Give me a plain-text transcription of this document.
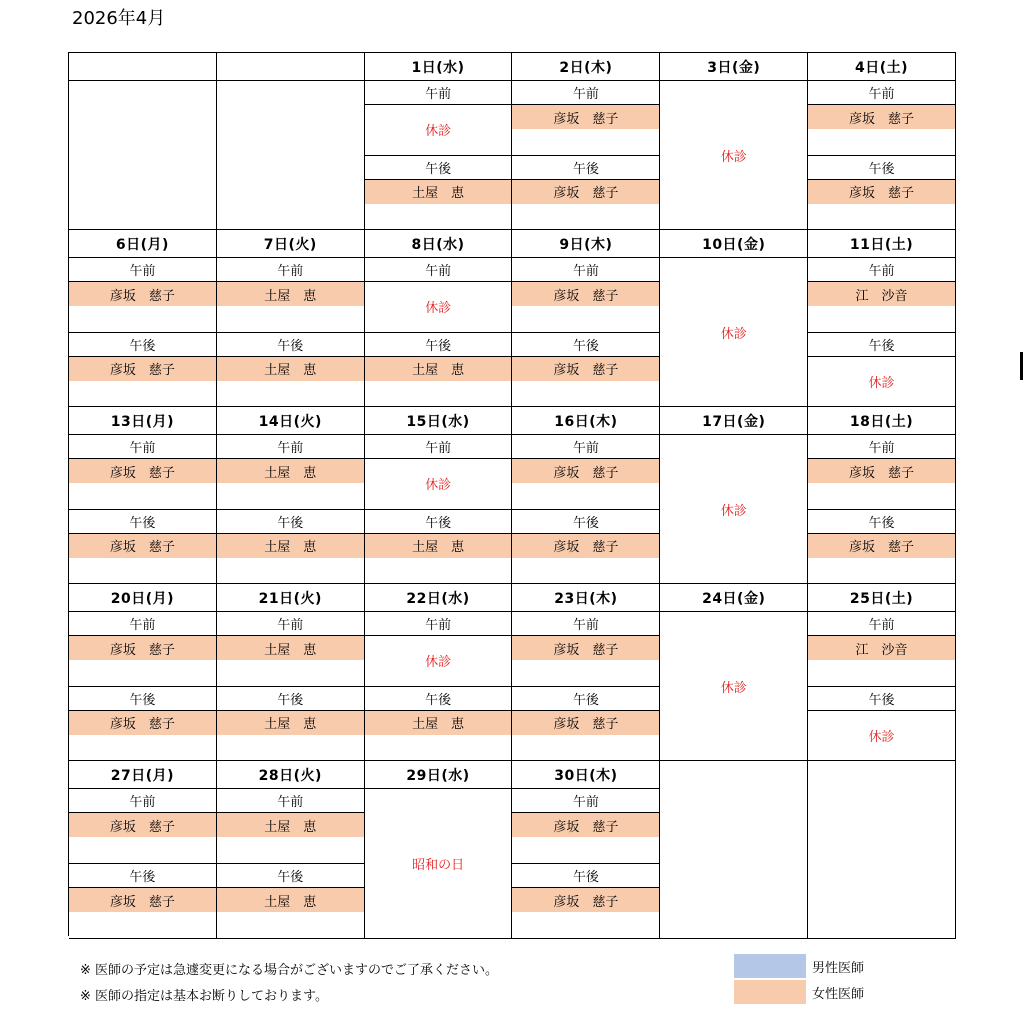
2026年4月
1日(水)
午前
休診
午後
土屋　恵
2日(木)
午前
彦坂　慈子
午後
彦坂　慈子
3日(金)
休診
4日(土)
午前
彦坂　慈子
午後
彦坂　慈子
6日(月)
午前
彦坂　慈子
午後
彦坂　慈子
7日(火)
午前
土屋　恵
午後
土屋　恵
8日(水)
午前
休診
午後
土屋　恵
9日(木)
午前
彦坂　慈子
午後
彦坂　慈子
10日(金)
休診
11日(土)
午前
江　沙音
午後
休診
13日(月)
午前
彦坂　慈子
午後
彦坂　慈子
14日(火)
午前
土屋　恵
午後
土屋　恵
15日(水)
午前
休診
午後
土屋　恵
16日(木)
午前
彦坂　慈子
午後
彦坂　慈子
17日(金)
休診
18日(土)
午前
彦坂　慈子
午後
彦坂　慈子
20日(月)
午前
彦坂　慈子
午後
彦坂　慈子
21日(火)
午前
土屋　恵
午後
土屋　恵
22日(水)
午前
休診
午後
土屋　恵
23日(木)
午前
彦坂　慈子
午後
彦坂　慈子
24日(金)
休診
25日(土)
午前
江　沙音
午後
休診
27日(月)
午前
彦坂　慈子
午後
彦坂　慈子
28日(火)
午前
土屋　恵
午後
土屋　恵
29日(水)
昭和の日
30日(木)
午前
彦坂　慈子
午後
彦坂　慈子
※ 医師の予定は急遽変更になる場合がございますのでご了承ください。
※ 医師の指定は基本お断りしております。
男性医師
女性医師
